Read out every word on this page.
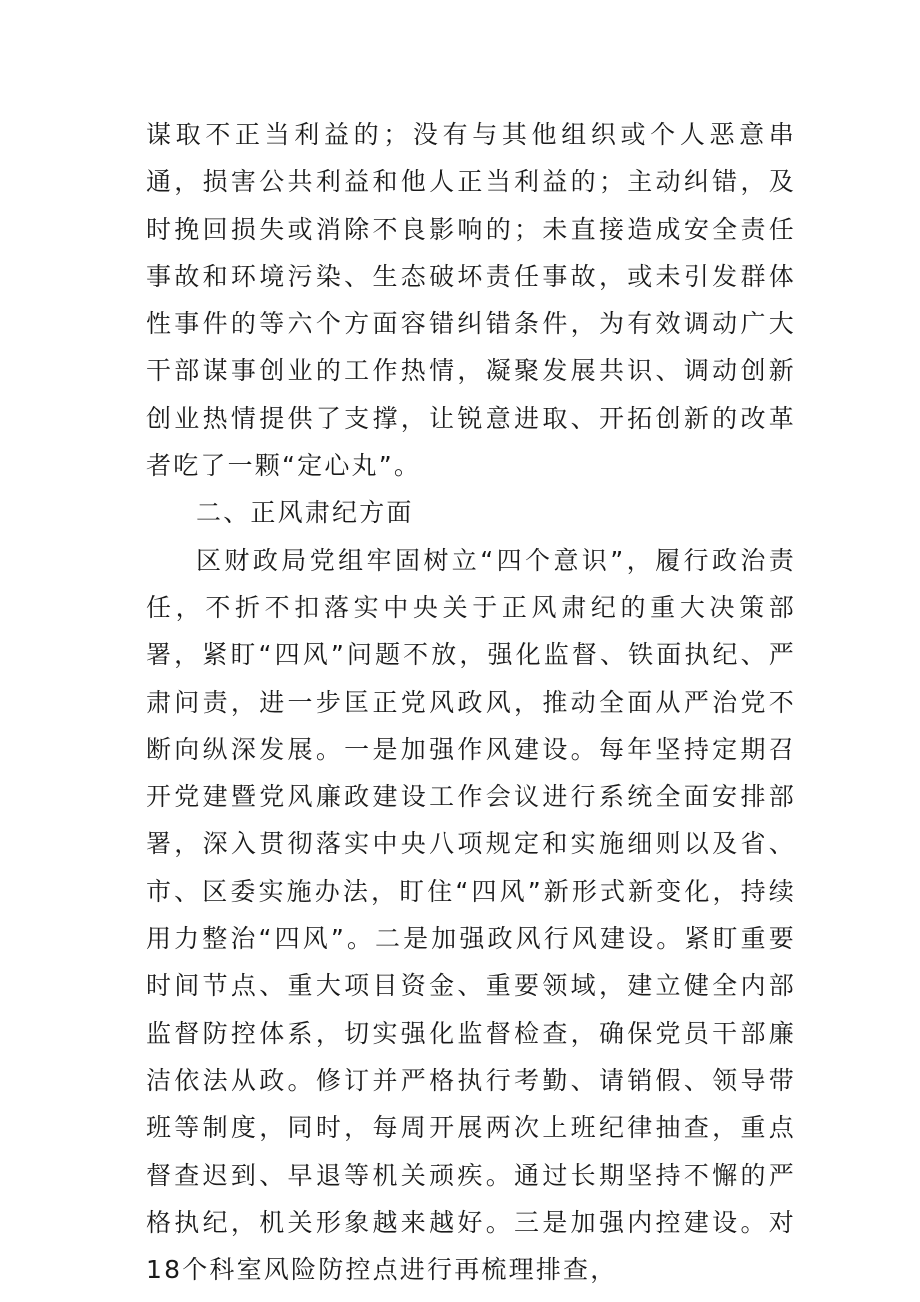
谋取不正当利益的；没有与其他组织或个人恶意串通，损害公共利益和他人正当利益的；主动纠错，及时挽回损失或消除不良影响的；未直接造成安全责任事故和环境污染、生态破坏责任事故，或未引发群体性事件的等六个方面容错纠错条件，为有效调动广大干部谋事创业的工作热情，凝聚发展共识、调动创新创业热情提供了支撑，让锐意进取、开拓创新的改革者吃了一颗“定心丸”。

二、正风肃纪方面

区财政局党组牢固树立“四个意识”，履行政治责任，不折不扣落实中央关于正风肃纪的重大决策部署，紧盯“四风”问题不放，强化监督、铁面执纪、严肃问责，进一步匡正党风政风，推动全面从严治党不断向纵深发展。一是加强作风建设。每年坚持定期召开党建暨党风廉政建设工作会议进行系统全面安排部署，深入贯彻落实中央八项规定和实施细则以及省、市、区委实施办法，盯住“四风”新形式新变化，持续用力整治“四风”。二是加强政风行风建设。紧盯重要时间节点、重大项目资金、重要领域，建立健全内部监督防控体系，切实强化监督检查，确保党员干部廉洁依法从政。修订并严格执行考勤、请销假、领导带班等制度，同时，每周开展两次上班纪律抽查，重点督查迟到、早退等机关顽疾。通过长期坚持不懈的严格执纪，机关形象越来越好。三是加强内控建设。对18个科室风险防控点进行再梳理排查，
